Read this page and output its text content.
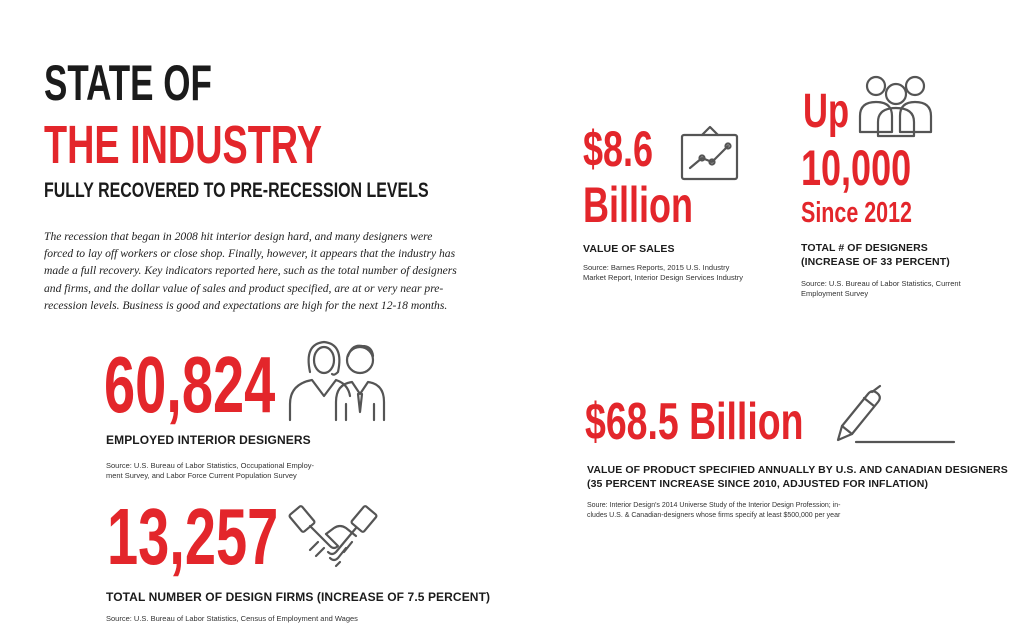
STATE OF
THE INDUSTRY
FULLY RECOVERED TO PRE-RECESSION LEVELS
The recession that began in 2008 hit interior design hard, and many designers were
forced to lay off workers or close shop. Finally, however, it appears that the industry has
made a full recovery. Key indicators reported here, such as the total number of designers
and firms, and the dollar value of sales and product specified, are at or very near pre-
recession levels. Business is good and expectations are high for the next 12-18 months.
$8.6
Billion
VALUE OF SALES
Source: Barnes Reports, 2015 U.S. Industry
Market Report, Interior Design Services Industry
Up
10,000
Since 2012
TOTAL # OF DESIGNERS
(INCREASE OF 33 PERCENT)
Source: U.S. Bureau of Labor Statistics, Current
Employment Survey
60,824
EMPLOYED INTERIOR DESIGNERS
Source: U.S. Bureau of Labor Statistics, Occupational Employ-
ment Survey, and Labor Force Current Population Survey
$68.5 Billion
VALUE OF PRODUCT SPECIFIED ANNUALLY BY U.S. AND CANADIAN DESIGNERS
(35 PERCENT INCREASE SINCE 2010, ADJUSTED FOR INFLATION)
Soure: Interior Design's 2014 Universe Study of the Interior Design Profession; in-
cludes U.S. & Canadian-designers whose firms specify at least $500,000 per year
13,257
TOTAL NUMBER OF DESIGN FIRMS (INCREASE OF 7.5 PERCENT)
Source: U.S. Bureau of Labor Statistics, Census of Employment and Wages
